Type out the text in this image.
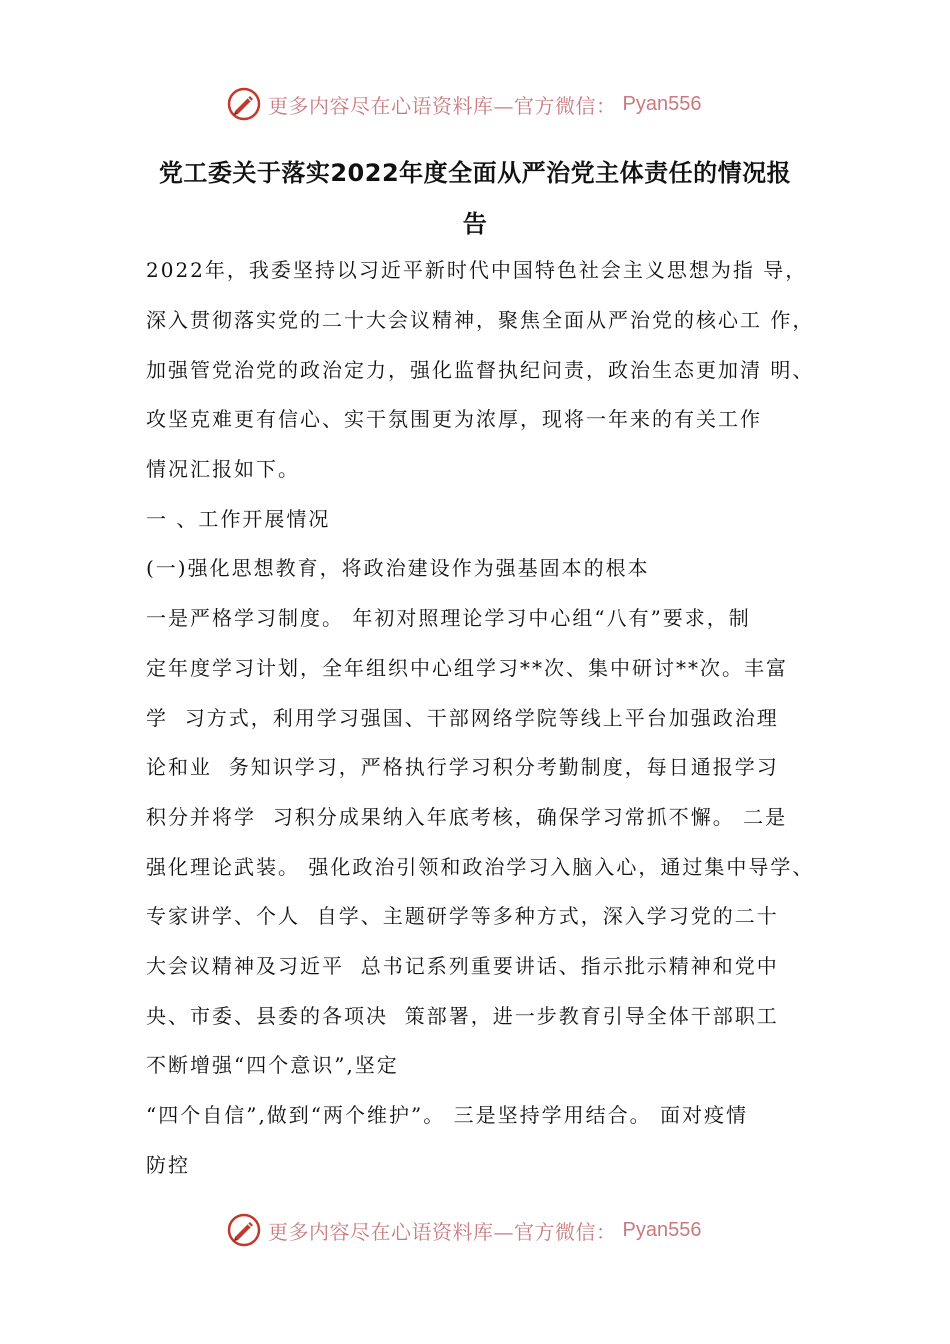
更多内容尽在心语资料库—官方微信： Pyan556
党工委关于落实2022年度全面从严治党主体责任的情况报
告
2022年，我委坚持以习近平新时代中国特色社会主义思想为指 导，
深入贯彻落实党的二十大会议精神，聚焦全面从严治党的核心工 作，
加强管党治党的政治定力，强化监督执纪问责，政治生态更加清 明、
攻坚克难更有信心、实干氛围更为浓厚，现将一年来的有关工作
情况汇报如下。
一 、工作开展情况
(一)强化思想教育，将政治建设作为强基固本的根本
一是严格学习制度。 年初对照理论学习中心组“八有”要求，制
定年度学习计划，全年组织中心组学习**次、集中研讨**次。丰富
学  习方式，利用学习强国、干部网络学院等线上平台加强政治理
论和业  务知识学习，严格执行学习积分考勤制度，每日通报学习
积分并将学  习积分成果纳入年底考核，确保学习常抓不懈。 二是
强化理论武装。 强化政治引领和政治学习入脑入心，通过集中导学、
专家讲学、个人  自学、主题研学等多种方式，深入学习党的二十
大会议精神及习近平  总书记系列重要讲话、指示批示精神和党中
央、市委、县委的各项决  策部署，进一步教育引导全体干部职工
不断增强“四个意识”,坚定
“四个自信”,做到“两个维护”。 三是坚持学用结合。 面对疫情
防控
更多内容尽在心语资料库—官方微信： Pyan556
